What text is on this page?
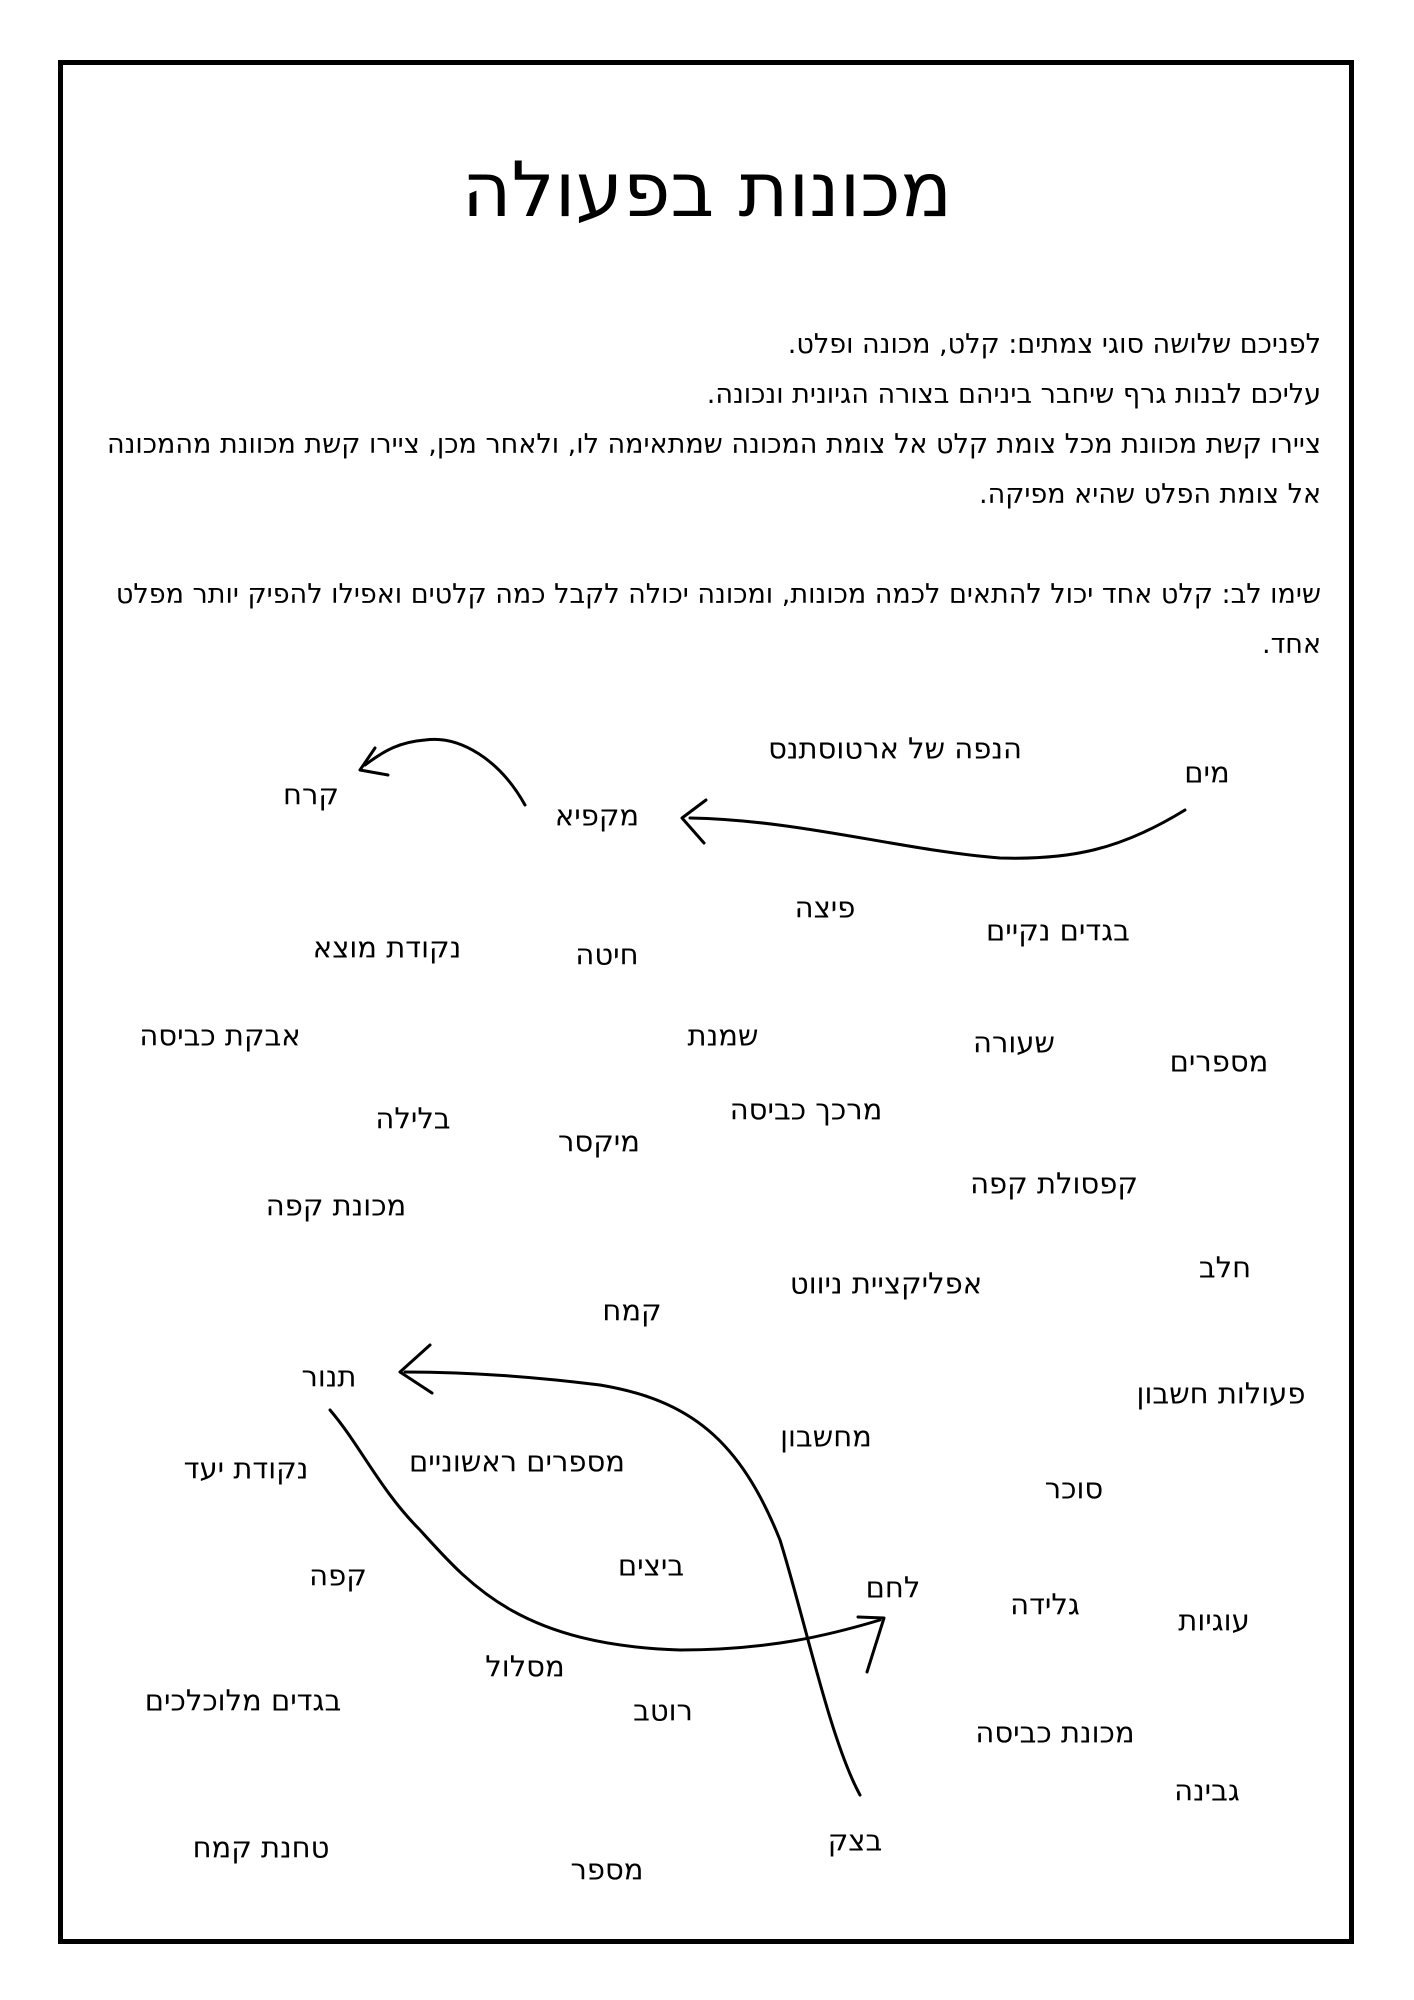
מכונות בפעולה

לפניכם שלושה סוגי צמתים: קלט, מכונה ופלט.

עליכם לבנות גרף שיחבר ביניהם בצורה הגיונית ונכונה.

ציירו קשת מכוונת מכל צומת קלט אל צומת המכונה שמתאימה לו, ולאחר מכן, ציירו קשת מכוונת מהמכונה אל צומת הפלט שהיא מפיקה.

שימו לב: קלט אחד יכול להתאים לכמה מכונות, ומכונה יכולה לקבל כמה קלטים ואפילו להפיק יותר מפלט אחד.

הנפה של ארטוסתנס
מים
קרח
מקפיא
פיצה
בגדים נקיים
נקודת מוצא	חיטה
אבקת כביסה	שמנת	שעורה
מספרים
בלילה	מרכך כביסה
מיקסר
קפסולת קפה
מכונת קפה
חלב
אפליקציית ניווט
קמח
תנור	פעולות חשבון
מחשבון
נקודת יעד	מספרים ראשוניים
סוכר
קפה	ביצים
לחם	גלידה	עוגיות
מסלול
בגדים מלוכלכים	רוטב
מכונת כביסה
גבינה
טחנת קמח	בצק
מספר
